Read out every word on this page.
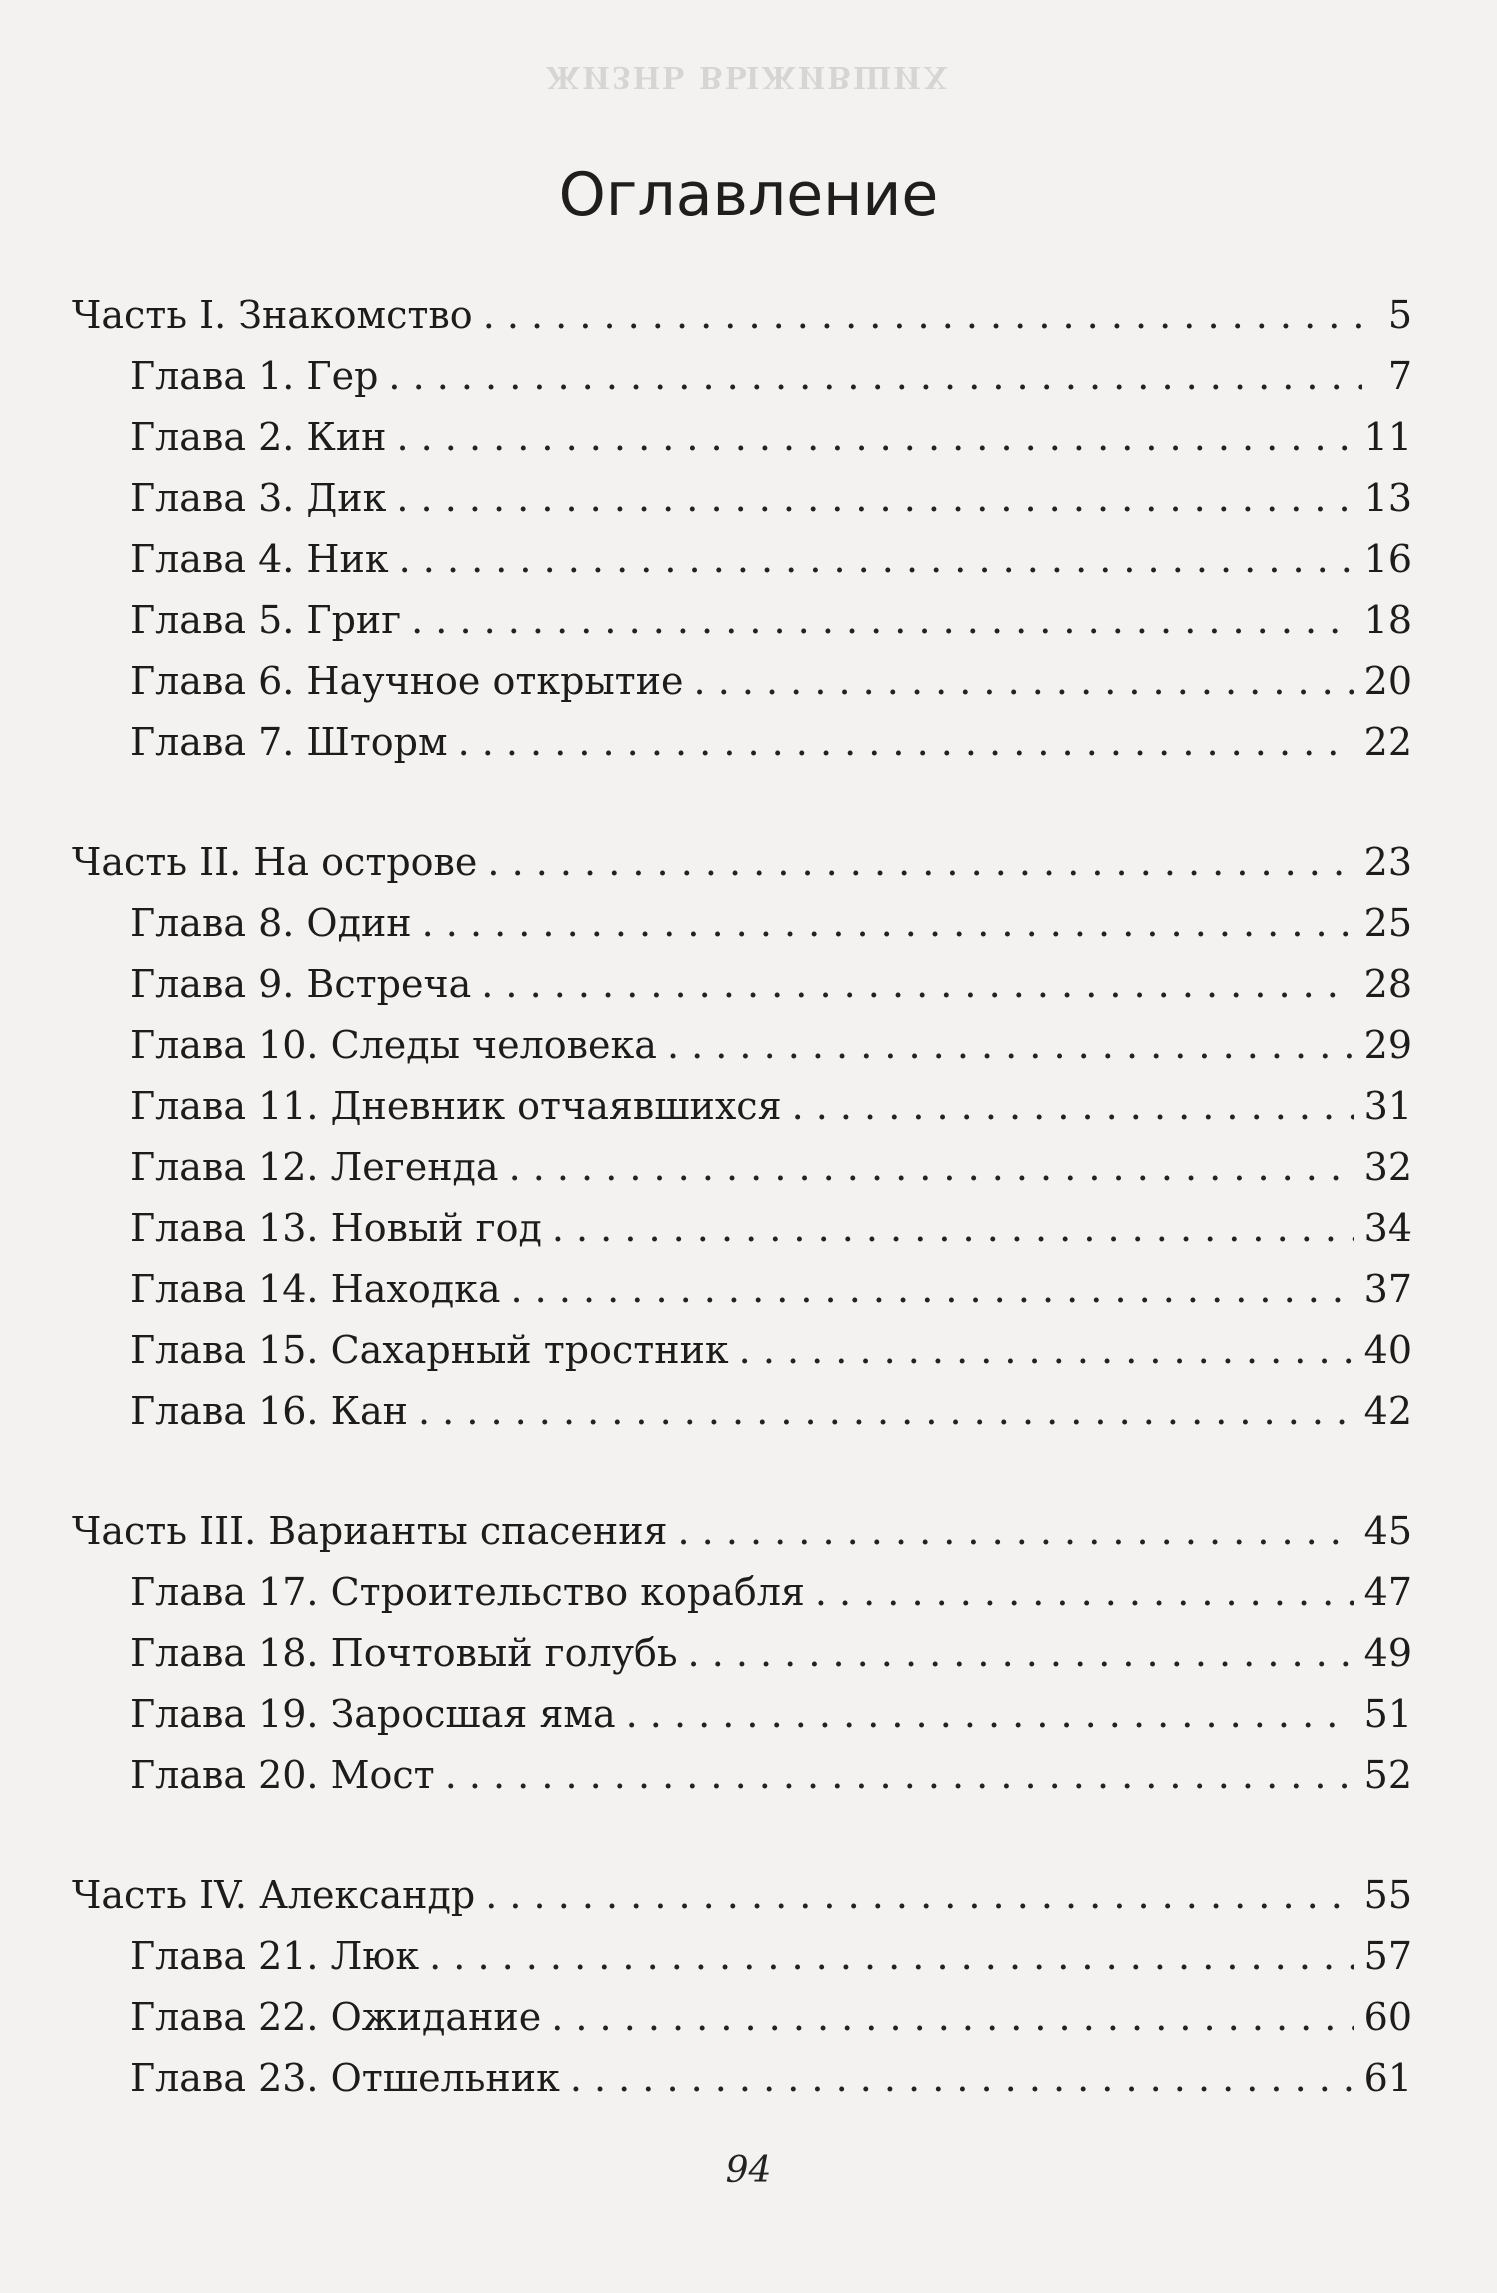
ЖИЗНЬ ВЫЖИВШИХ
Оглавление
Часть I. Знакомство . . .	5
Глава 1. Гер . . .	7
Глава 2. Кин . . .	11
Глава 3. Дик . . .	13
Глава 4. Ник . . .	16
Глава 5. Григ . . .	18
Глава 6. Научное открытие . . .	20
Глава 7. Шторм . . .	22
Часть II. На острове . . .	23
Глава 8. Один . . .	25
Глава 9. Встреча . . .	28
Глава 10. Следы человека . . .	29
Глава 11. Дневник отчаявшихся . . .	31
Глава 12. Легенда . . .	32
Глава 13. Новый год . . .	34
Глава 14. Находка . . .	37
Глава 15. Сахарный тростник . . .	40
Глава 16. Кан . . .	42
Часть III. Варианты спасения . . .	45
Глава 17. Строительство корабля . . .	47
Глава 18. Почтовый голубь . . .	49
Глава 19. Заросшая яма . . .	51
Глава 20. Мост . . .	52
Часть IV. Александр . . .	55
Глава 21. Люк . . .	57
Глава 22. Ожидание . . .	60
Глава 23. Отшельник . . .	61
94
